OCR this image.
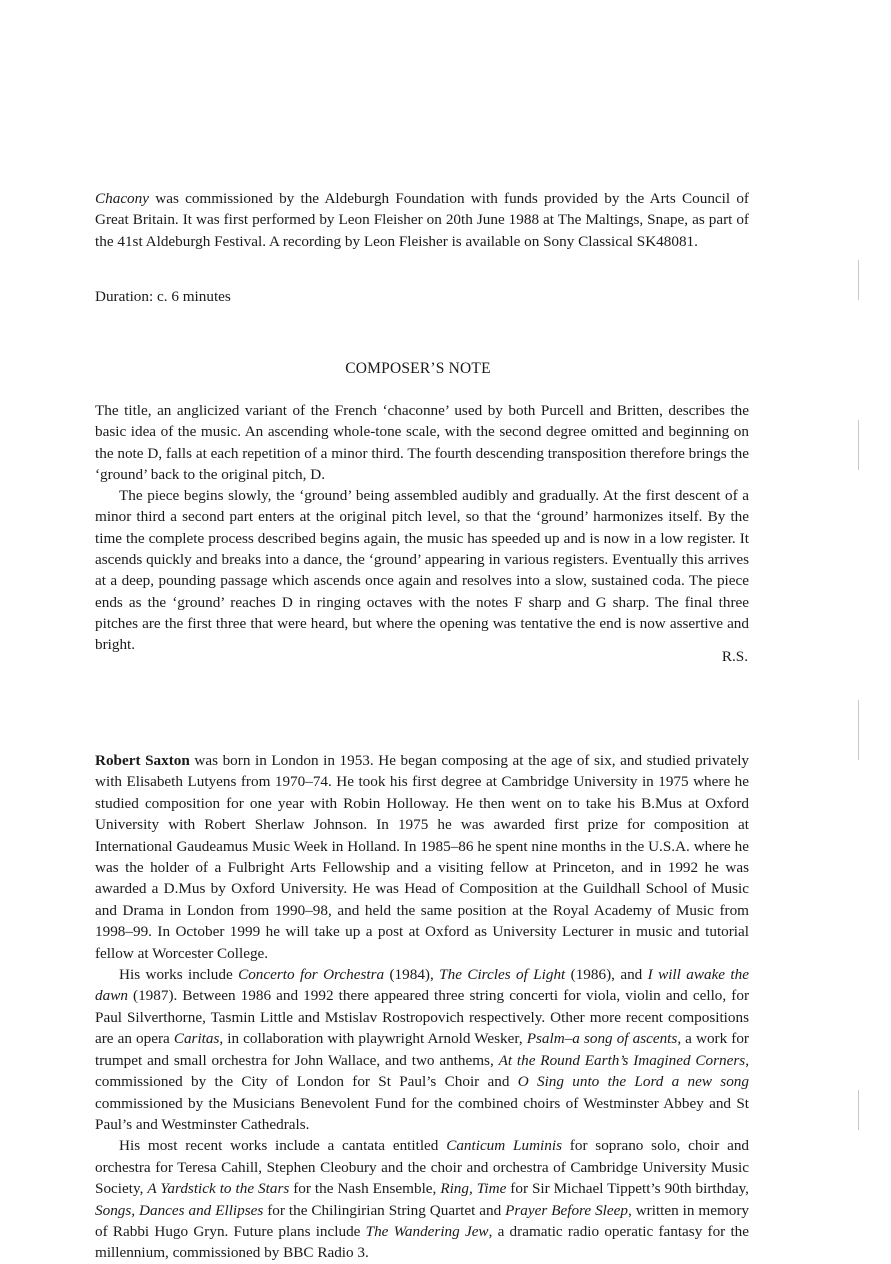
Chacony was commissioned by the Aldeburgh Foundation with funds provided by the Arts Council of Great Britain. It was first performed by Leon Fleisher on 20th June 1988 at The Maltings, Snape, as part of the 41st Aldeburgh Festival. A recording by Leon Fleisher is available on Sony Classical SK48081.

Duration: c. 6 minutes
COMPOSER’S NOTE

The title, an anglicized variant of the French ‘chaconne’ used by both Purcell and Britten, describes the basic idea of the music. An ascending whole-tone scale, with the second degree omitted and beginning on the note D, falls at each repetition of a minor third. The fourth descending transposition therefore brings the ‘ground’ back to the original pitch, D.

The piece begins slowly, the ‘ground’ being assembled audibly and gradually. At the first descent of a minor third a second part enters at the original pitch level, so that the ‘ground’ harmonizes itself. By the time the complete process described begins again, the music has speeded up and is now in a low register. It ascends quickly and breaks into a dance, the ‘ground’ appearing in various registers. Eventually this arrives at a deep, pounding passage which ascends once again and resolves into a slow, sustained coda. The piece ends as the ‘ground’ reaches D in ringing octaves with the notes F sharp and G sharp. The final three pitches are the first three that were heard, but where the opening was tentative the end is now assertive and bright.

R.S.

Robert Saxton was born in London in 1953. He began composing at the age of six, and studied privately with Elisabeth Lutyens from 1970–74. He took his first degree at Cambridge University in 1975 where he studied composition for one year with Robin Holloway. He then went on to take his B.Mus at Oxford University with Robert Sherlaw Johnson. In 1975 he was awarded first prize for composition at International Gaudeamus Music Week in Holland. In 1985–86 he spent nine months in the U.S.A. where he was the holder of a Fulbright Arts Fellowship and a visiting fellow at Princeton, and in 1992 he was awarded a D.Mus by Oxford University. He was Head of Composition at the Guildhall School of Music and Drama in London from 1990–98, and held the same position at the Royal Academy of Music from 1998–99. In October 1999 he will take up a post at Oxford as University Lecturer in music and tutorial fellow at Worcester College.

His works include Concerto for Orchestra (1984), The Circles of Light (1986), and I will awake the dawn (1987). Between 1986 and 1992 there appeared three string concerti for viola, violin and cello, for Paul Silverthorne, Tasmin Little and Mstislav Rostropovich respectively. Other more recent compositions are an opera Caritas, in collaboration with playwright Arnold Wesker, Psalm–a song of ascents, a work for trumpet and small orchestra for John Wallace, and two anthems, At the Round Earth’s Imagined Corners, commissioned by the City of London for St Paul’s Choir and O Sing unto the Lord a new song commissioned by the Musicians Benevolent Fund for the combined choirs of Westminster Abbey and St Paul’s and Westminster Cathedrals.

His most recent works include a cantata entitled Canticum Luminis for soprano solo, choir and orchestra for Teresa Cahill, Stephen Cleobury and the choir and orchestra of Cambridge University Music Society, A Yardstick to the Stars for the Nash Ensemble, Ring, Time for Sir Michael Tippett’s 90th birthday, Songs, Dances and Ellipses for the Chilingirian String Quartet and Prayer Before Sleep, written in memory of Rabbi Hugo Gryn. Future plans include The Wandering Jew, a dramatic radio operatic fantasy for the millennium, commissioned by BBC Radio 3.
